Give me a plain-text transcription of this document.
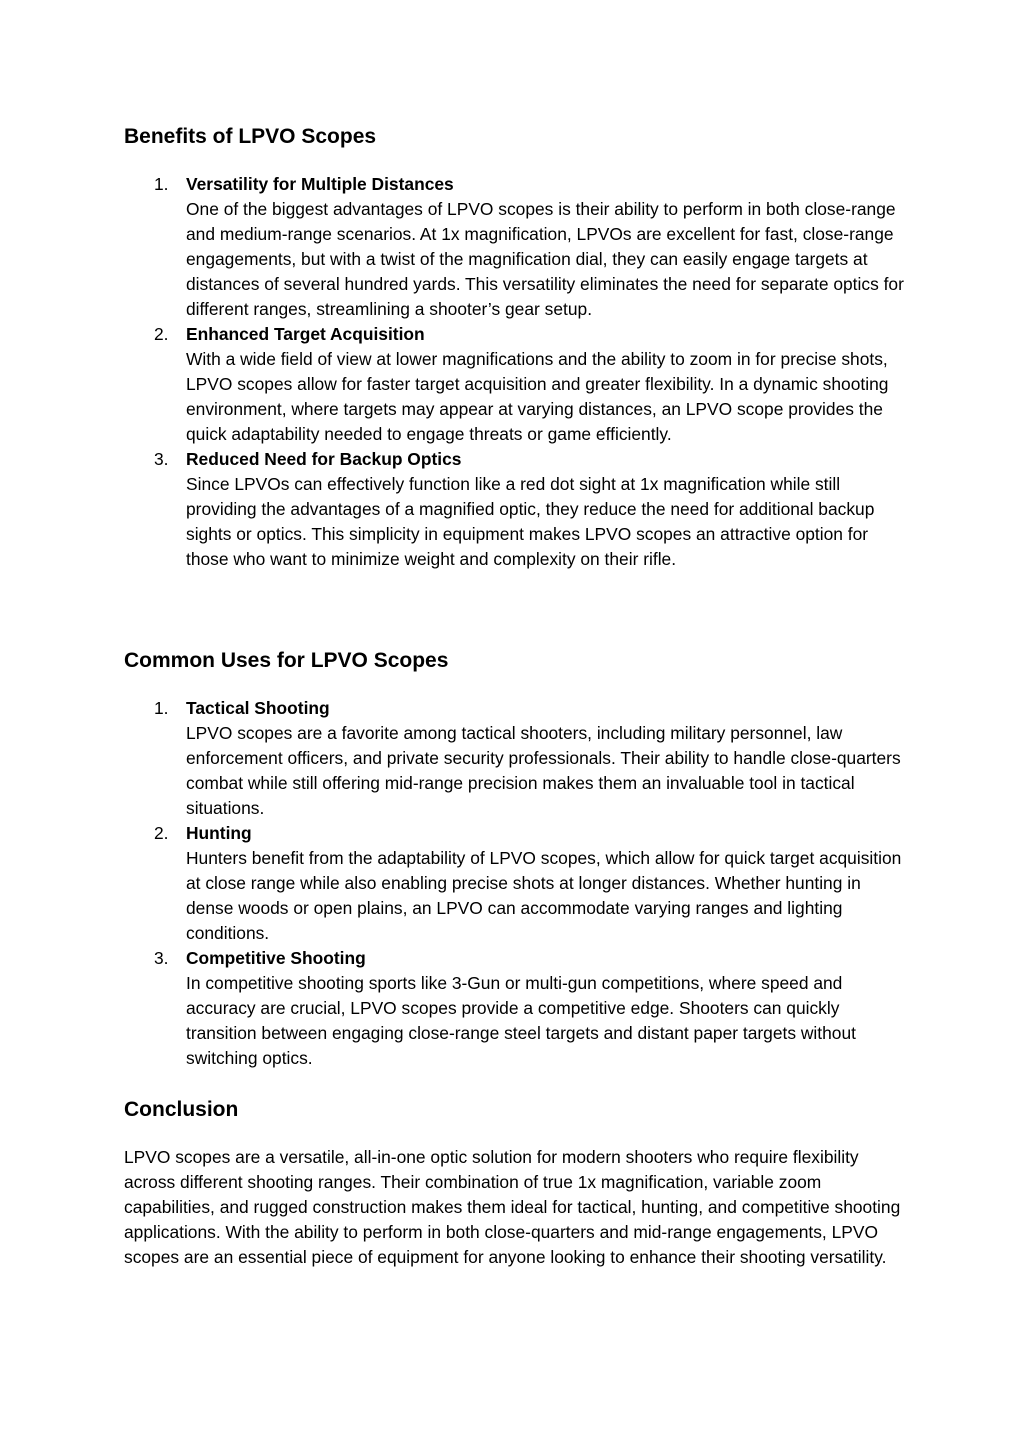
Benefits of LPVO Scopes
1. Versatility for Multiple Distances
One of the biggest advantages of LPVO scopes is their ability to perform in both close-range and medium-range scenarios. At 1x magnification, LPVOs are excellent for fast, close-range engagements, but with a twist of the magnification dial, they can easily engage targets at distances of several hundred yards. This versatility eliminates the need for separate optics for different ranges, streamlining a shooter’s gear setup.
2. Enhanced Target Acquisition
With a wide field of view at lower magnifications and the ability to zoom in for precise shots, LPVO scopes allow for faster target acquisition and greater flexibility. In a dynamic shooting environment, where targets may appear at varying distances, an LPVO scope provides the quick adaptability needed to engage threats or game efficiently.
3. Reduced Need for Backup Optics
Since LPVOs can effectively function like a red dot sight at 1x magnification while still providing the advantages of a magnified optic, they reduce the need for additional backup sights or optics. This simplicity in equipment makes LPVO scopes an attractive option for those who want to minimize weight and complexity on their rifle.
Common Uses for LPVO Scopes
1. Tactical Shooting
LPVO scopes are a favorite among tactical shooters, including military personnel, law enforcement officers, and private security professionals. Their ability to handle close-quarters combat while still offering mid-range precision makes them an invaluable tool in tactical situations.
2. Hunting
Hunters benefit from the adaptability of LPVO scopes, which allow for quick target acquisition at close range while also enabling precise shots at longer distances. Whether hunting in dense woods or open plains, an LPVO can accommodate varying ranges and lighting conditions.
3. Competitive Shooting
In competitive shooting sports like 3-Gun or multi-gun competitions, where speed and accuracy are crucial, LPVO scopes provide a competitive edge. Shooters can quickly transition between engaging close-range steel targets and distant paper targets without switching optics.
Conclusion
LPVO scopes are a versatile, all-in-one optic solution for modern shooters who require flexibility across different shooting ranges. Their combination of true 1x magnification, variable zoom capabilities, and rugged construction makes them ideal for tactical, hunting, and competitive shooting applications. With the ability to perform in both close-quarters and mid-range engagements, LPVO scopes are an essential piece of equipment for anyone looking to enhance their shooting versatility.
